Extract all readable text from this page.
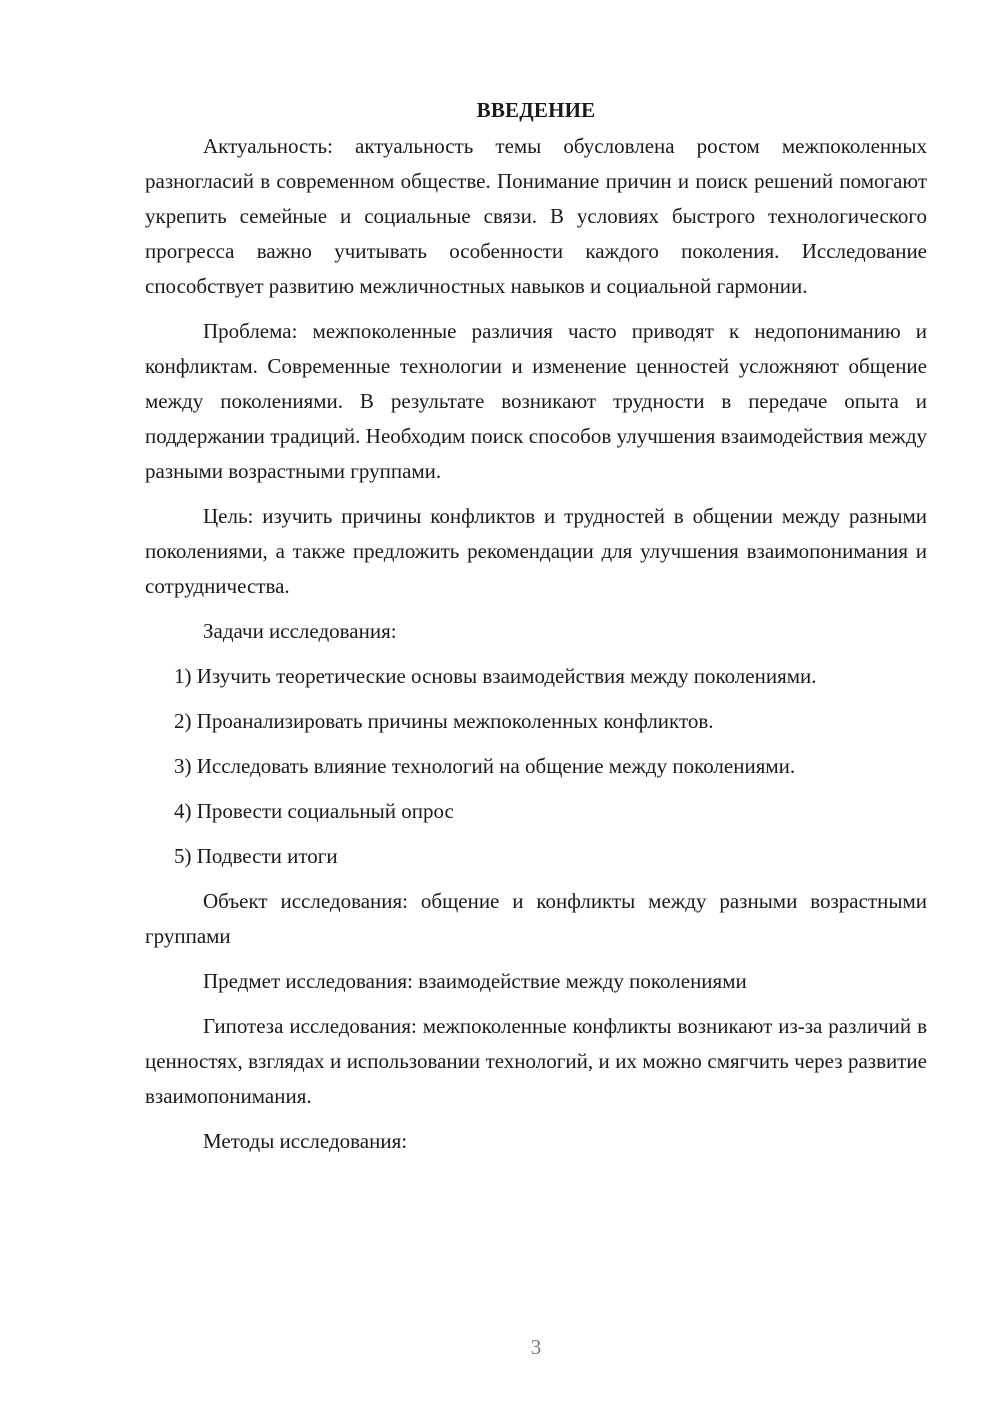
ВВЕДЕНИЕ

Актуальность: актуальность темы обусловлена ростом межпоколенных разногласий в современном обществе. Понимание причин и поиск решений помогают укрепить семейные и социальные связи. В условиях быстрого технологического прогресса важно учитывать особенности каждого поколения. Исследование способствует развитию межличностных навыков и социальной гармонии.

Проблема: межпоколенные различия часто приводят к недопониманию и конфликтам. Современные технологии и изменение ценностей усложняют общение между поколениями. В результате возникают трудности в передаче опыта и поддержании традиций. Необходим поиск способов улучшения взаимодействия между разными возрастными группами.

Цель: изучить причины конфликтов и трудностей в общении между разными поколениями, а также предложить рекомендации для улучшения взаимопонимания и сотрудничества.

Задачи исследования:

1) Изучить теоретические основы взаимодействия между поколениями.

2) Проанализировать причины межпоколенных конфликтов.

3) Исследовать влияние технологий на общение между поколениями.

4) Провести социальный опрос

5) Подвести итоги

Объект исследования: общение и конфликты между разными возрастными группами

Предмет исследования: взаимодействие между поколениями

Гипотеза исследования: межпоколенные конфликты возникают из-за различий в ценностях, взглядах и использовании технологий, и их можно смягчить через развитие взаимопонимания.

Методы исследования:

3
